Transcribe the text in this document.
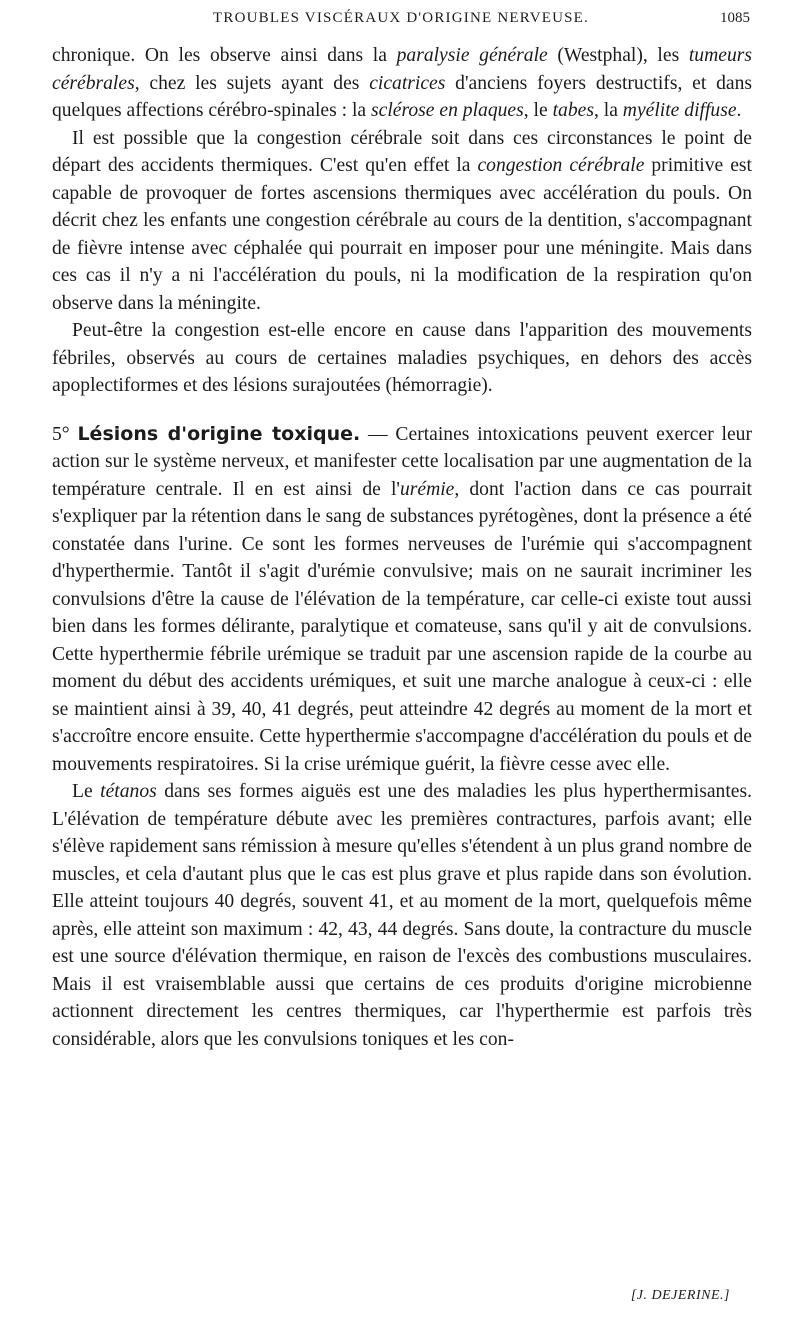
TROUBLES VISCÉRAUX D'ORIGINE NERVEUSE.	1085

chronique. On les observe ainsi dans la paralysie générale (Westphal), les tumeurs cérébrales, chez les sujets ayant des cicatrices d'anciens foyers destructifs, et dans quelques affections cérébro-spinales : la sclérose en plaques, le tabes, la myélite diffuse.

Il est possible que la congestion cérébrale soit dans ces circonstances le point de départ des accidents thermiques. C'est qu'en effet la congestion cérébrale primitive est capable de provoquer de fortes ascensions thermiques avec accélération du pouls. On décrit chez les enfants une congestion cérébrale au cours de la dentition, s'accompagnant de fièvre intense avec céphalée qui pourrait en imposer pour une méningite. Mais dans ces cas il n'y a ni l'accélération du pouls, ni la modification de la respiration qu'on observe dans la méningite.

Peut-être la congestion est-elle encore en cause dans l'apparition des mouvements fébriles, observés au cours de certaines maladies psychiques, en dehors des accès apoplectiformes et des lésions surajoutées (hémorragie).

5° Lésions d'origine toxique. — Certaines intoxications peuvent exercer leur action sur le système nerveux, et manifester cette localisation par une augmentation de la température centrale. Il en est ainsi de l'urémie, dont l'action dans ce cas pourrait s'expliquer par la rétention dans le sang de substances pyrétogènes, dont la présence a été constatée dans l'urine. Ce sont les formes nerveuses de l'urémie qui s'accompagnent d'hyperthermie. Tantôt il s'agit d'urémie convulsive; mais on ne saurait incriminer les convulsions d'être la cause de l'élévation de la température, car celle-ci existe tout aussi bien dans les formes délirante, paralytique et comateuse, sans qu'il y ait de convulsions. Cette hyperthermie fébrile urémique se traduit par une ascension rapide de la courbe au moment du début des accidents urémiques, et suit une marche analogue à ceux-ci : elle se maintient ainsi à 39, 40, 41 degrés, peut atteindre 42 degrés au moment de la mort et s'accroître encore ensuite. Cette hyperthermie s'accompagne d'accélération du pouls et de mouvements respiratoires. Si la crise urémique guérit, la fièvre cesse avec elle.

Le tétanos dans ses formes aiguës est une des maladies les plus hyperthermisantes. L'élévation de température débute avec les premières contractures, parfois avant; elle s'élève rapidement sans rémission à mesure qu'elles s'étendent à un plus grand nombre de muscles, et cela d'autant plus que le cas est plus grave et plus rapide dans son évolution. Elle atteint toujours 40 degrés, souvent 41, et au moment de la mort, quelquefois même après, elle atteint son maximum : 42, 43, 44 degrés. Sans doute, la contracture du muscle est une source d'élévation thermique, en raison de l'excès des combustions musculaires. Mais il est vraisemblable aussi que certains de ces produits d'origine microbienne actionnent directement les centres thermiques, car l'hyperthermie est parfois très considérable, alors que les convulsions toniques et les con-

[J. DEJERINE.]
